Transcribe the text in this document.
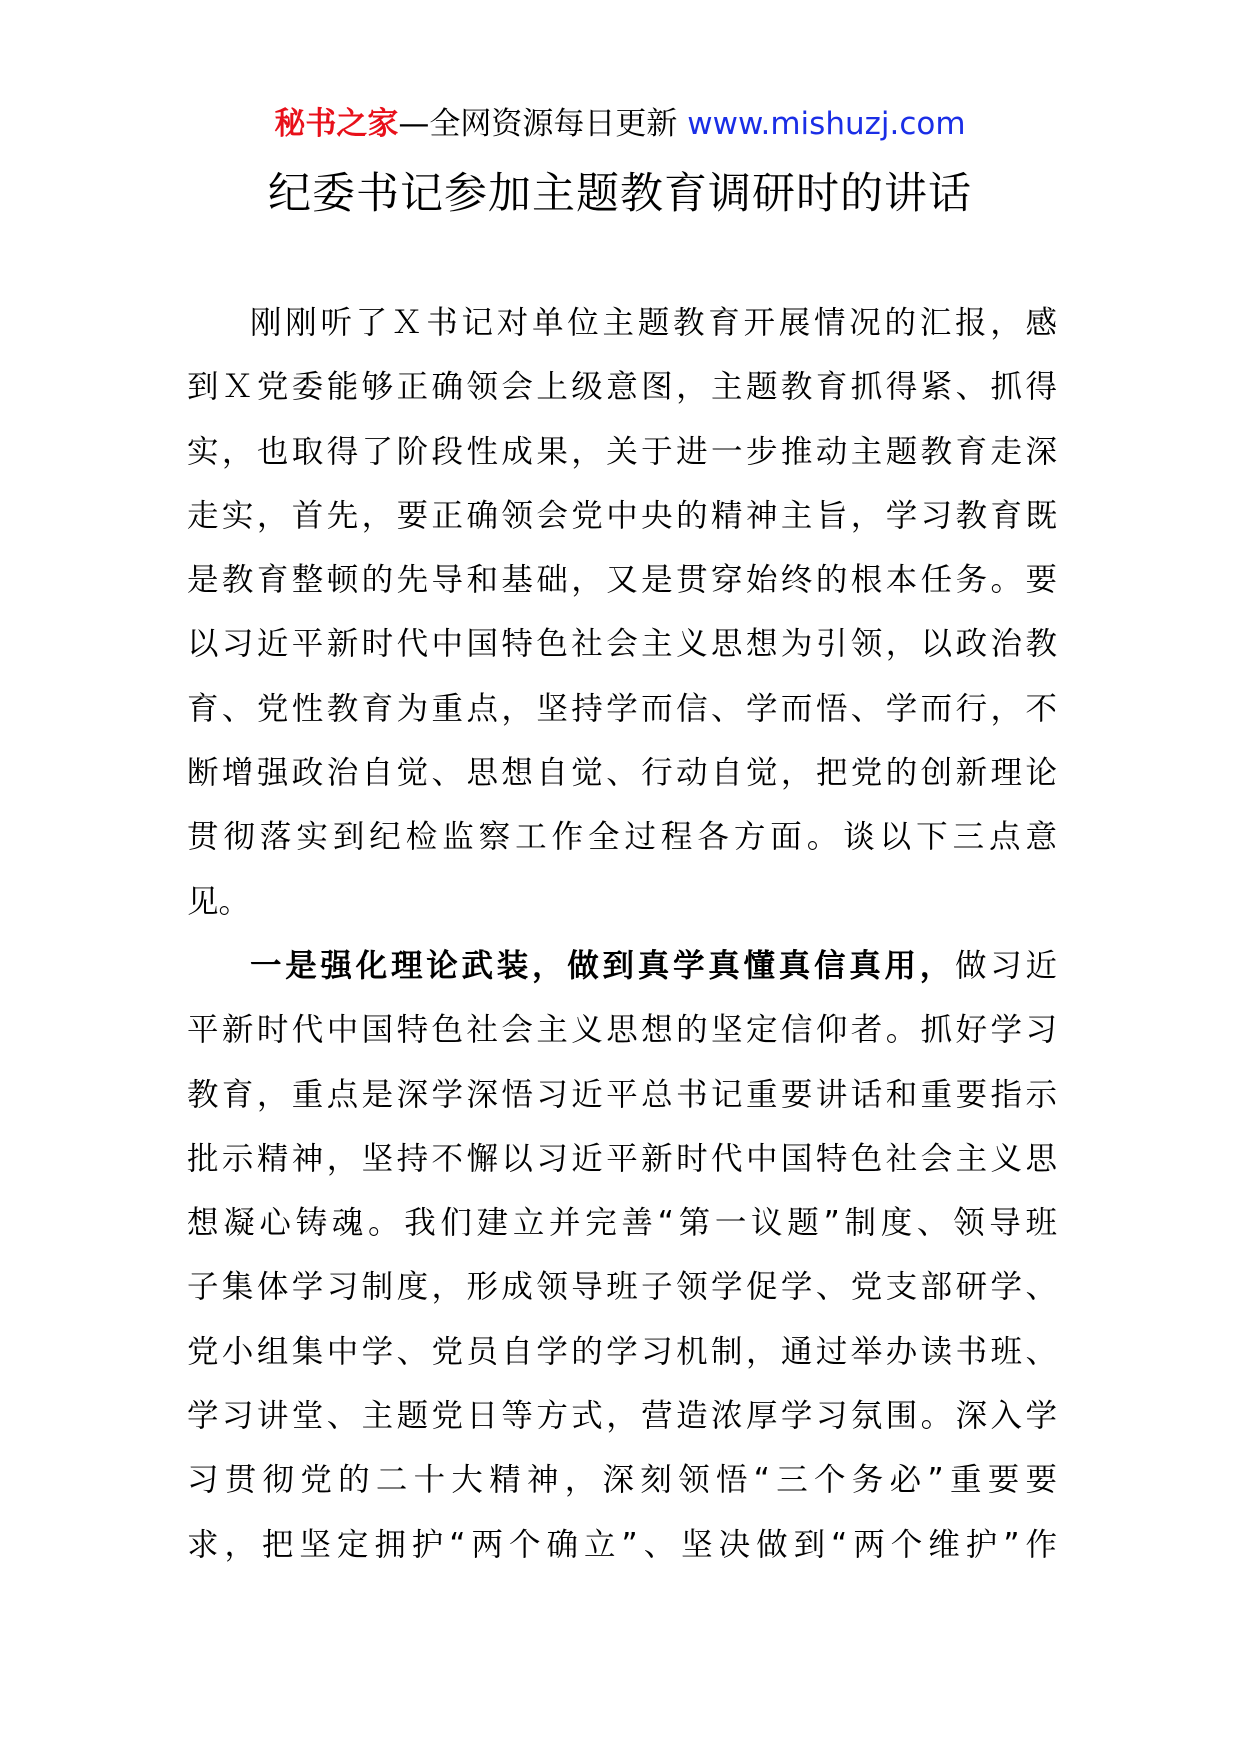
秘书之家—全网资源每日更新 www.mishuzj.com
纪委书记参加主题教育调研时的讲话
刚刚听了Ｘ书记对单位主题教育开展情况的汇报，感
到Ｘ党委能够正确领会上级意图，主题教育抓得紧、抓得
实，也取得了阶段性成果，关于进一步推动主题教育走深
走实，首先，要正确领会党中央的精神主旨，学习教育既
是教育整顿的先导和基础，又是贯穿始终的根本任务。要
以习近平新时代中国特色社会主义思想为引领，以政治教
育、党性教育为重点，坚持学而信、学而悟、学而行，不
断增强政治自觉、思想自觉、行动自觉，把党的创新理论
贯彻落实到纪检监察工作全过程各方面。谈以下三点意
见。
一是强化理论武装，做到真学真懂真信真用，做习近
平新时代中国特色社会主义思想的坚定信仰者。抓好学习
教育，重点是深学深悟习近平总书记重要讲话和重要指示
批示精神，坚持不懈以习近平新时代中国特色社会主义思
想凝心铸魂。我们建立并完善“第一议题”制度、领导班
子集体学习制度，形成领导班子领学促学、党支部研学、
党小组集中学、党员自学的学习机制，通过举办读书班、
学习讲堂、主题党日等方式，营造浓厚学习氛围。深入学
习贯彻党的二十大精神，深刻领悟“三个务必”重要要
求，把坚定拥护“两个确立”、坚决做到“两个维护”作
